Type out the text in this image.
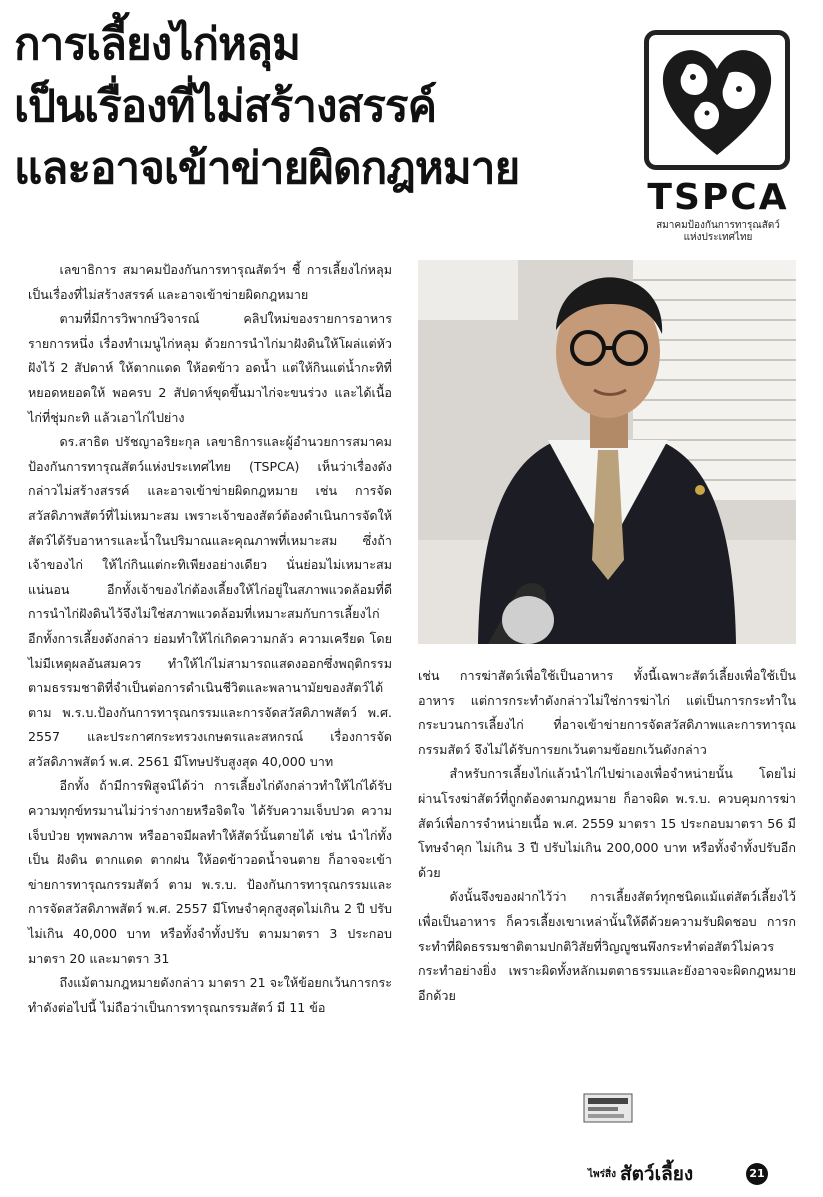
การเลี้ยงไก่หลุม
เป็นเรื่องที่ไม่สร้างสรรค์
และอาจเข้าข่ายผิดกฎหมาย
TSPCA
สมาคมป้องกันการทารุณสัตว์
แห่งประเทศไทย

เลขาธิการ สมาคมป้องกันการทารุณสัตว์ฯ ชี้ การเลี้ยงไก่หลุม เป็นเรื่องที่ไม่สร้างสรรค์ และอาจเข้าข่ายผิดกฎหมาย

ตามที่มีการวิพากษ์วิจารณ์ คลิปใหม่ของรายการอาหารรายการหนึ่ง เรื่องทำเมนูไก่หลุม ด้วยการนำไก่มาฝังดินให้โผล่แต่หัวฝังไว้ 2 สัปดาห์ ให้ตากแดด ให้อดข้าว อดน้ำ แต่ให้กินแต่น้ำกะทิที่หยอดหยอดให้ พอครบ 2 สัปดาห์ขุดขึ้นมาไก่จะขนร่วง และได้เนื้อไก่ที่ชุ่มกะทิ แล้วเอาไก่ไปย่าง

ดร.สาธิต ปรัชญาอริยะกุล เลขาธิการและผู้อำนวยการสมาคมป้องกันการทารุณสัตว์แห่งประเทศไทย (TSPCA) เห็นว่าเรื่องดังกล่าวไม่สร้างสรรค์ และอาจเข้าข่ายผิดกฎหมาย เช่น การจัดสวัสดิภาพสัตว์ที่ไม่เหมาะสม เพราะเจ้าของสัตว์ต้องดำเนินการจัดให้สัตว์ได้รับอาหารและน้ำในปริมาณและคุณภาพที่เหมาะสม ซึ่งถ้าเจ้าของไก่ ให้ไก่กินแต่กะทิเพียงอย่างเดียว นั่นย่อมไม่เหมาะสมแน่นอน อีกทั้งเจ้าของไก่ต้องเลี้ยงให้ไก่อยู่ในสภาพแวดล้อมที่ดี การนำไก่ฝังดินไว้จึงไม่ใช่สภาพแวดล้อมที่เหมาะสมกับการเลี้ยงไก่ อีกทั้งการเลี้ยงดังกล่าว ย่อมทำให้ไก่เกิดความกลัว ความเครียด โดยไม่มีเหตุผลอันสมควร ทำให้ไก่ไม่สามารถแสดงออกซึ่งพฤติกรรมตามธรรมชาติที่จำเป็นต่อการดำเนินชีวิตและพลานามัยของสัตว์ได้ ตาม พ.ร.บ.ป้องกันการทารุณกรรมและการจัดสวัสดิภาพสัตว์ พ.ศ. 2557 และประกาศกระทรวงเกษตรและสหกรณ์ เรื่องการจัดสวัสดิภาพสัตว์ พ.ศ. 2561 มีโทษปรับสูงสุด 40,000 บาท

อีกทั้ง ถ้ามีการพิสูจน์ได้ว่า การเลี้ยงไก่ดังกล่าวทำให้ไก่ได้รับความทุกข์ทรมานไม่ว่าร่างกายหรือจิตใจ ได้รับความเจ็บปวด ความเจ็บป่วย ทุพพลภาพ หรืออาจมีผลทำให้สัตว์นั้นตายได้ เช่น นำไก่ทั้งเป็น ฝังดิน ตากแดด ตากฝน ให้อดข้าวอดน้ำจนตาย ก็อาจจะเข้าข่ายการทารุณกรรมสัตว์ ตาม พ.ร.บ. ป้องกันการทารุณกรรมและการจัดสวัสดิภาพสัตว์ พ.ศ. 2557 มีโทษจำคุกสูงสุดไม่เกิน 2 ปี ปรับไม่เกิน 40,000 บาท หรือทั้งจำทั้งปรับ ตามมาตรา 3 ประกอบ มาตรา 20 และมาตรา 31

ถึงแม้ตามกฎหมายดังกล่าว มาตรา 21 จะให้ข้อยกเว้นการกระทำดังต่อไปนี้ ไม่ถือว่าเป็นการทารุณกรรมสัตว์ มี 11 ข้อ

เช่น การฆ่าสัตว์เพื่อใช้เป็นอาหาร ทั้งนี้เฉพาะสัตว์เลี้ยงเพื่อใช้เป็นอาหาร แต่การกระทำดังกล่าวไม่ใช่การฆ่าไก่ แต่เป็นการกระทำในกระบวนการเลี้ยงไก่ ที่อาจเข้าข่ายการจัดสวัสดิภาพและการทารุณกรรมสัตว์ จึงไม่ได้รับการยกเว้นตามข้อยกเว้นดังกล่าว

สำหรับการเลี้ยงไก่แล้วนำไก่ไปฆ่าเองเพื่อจำหน่ายนั้น โดยไม่ผ่านโรงฆ่าสัตว์ที่ถูกต้องตามกฎหมาย ก็อาจผิด พ.ร.บ. ควบคุมการฆ่าสัตว์เพื่อการจำหน่ายเนื้อ พ.ศ. 2559 มาตรา 15 ประกอบมาตรา 56 มีโทษจำคุก ไม่เกิน 3 ปี ปรับไม่เกิน 200,000 บาท หรือทั้งจำทั้งปรับอีกด้วย

ดังนั้นจึงของฝากไว้ว่า การเลี้ยงสัตว์ทุกชนิดแม้แต่สัตว์เลี้ยงไว้เพื่อเป็นอาหาร ก็ควรเลี้ยงเขาเหล่านั้นให้ดีด้วยความรับผิดชอบ การกระทำที่ผิดธรรมชาติตามปกติวิสัยที่วิญญูชนพึงกระทำต่อสัตว์ไม่ควรกระทำอย่างยิ่ง เพราะผิดทั้งหลักเมตตาธรรมและยังอาจจะผิดกฎหมายอีกด้วย

ไพร่สิ่ง สัตว์เลี้ยง	21
